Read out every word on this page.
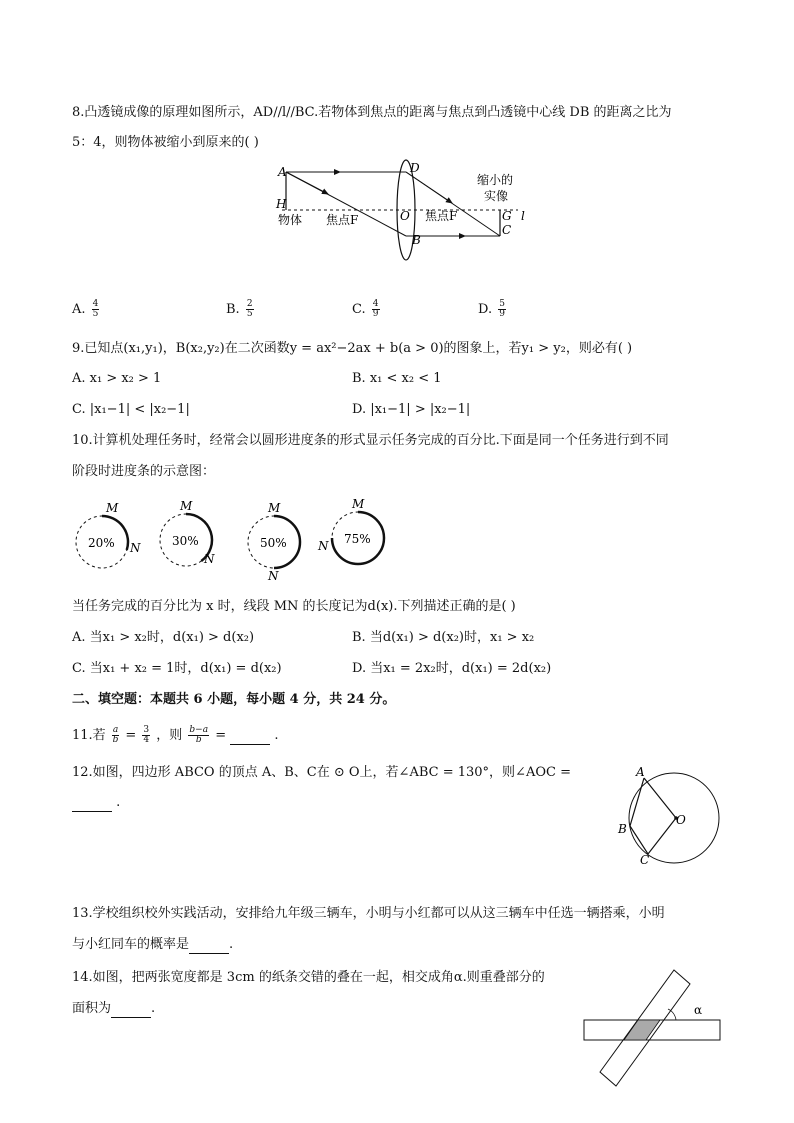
8.凸透镜成像的原理如图所示，AD//l//BC.若物体到焦点的距离与焦点到凸透镜中心线 DB 的距离之比为
5：4，则物体被缩小到原来的( )
A
H
物体 焦点F
D
O 焦点F
B
缩小的
实像
G l
C
A. $\frac{4}{5}$	B. $\frac{2}{5}$	C. $\frac{4}{9}$	D. $\frac{5}{9}$
9.已知点(x₁,y₁)，B(x₂,y₂)在二次函数y = ax²−2ax + b(a > 0)的图象上，若y₁ > y₂，则必有( )
A. x₁ > x₂ > 1	B. x₁ < x₂ < 1
C. |x₁−1| < |x₂−1|	D. |x₁−1| > |x₂−1|
10.计算机处理任务时，经常会以圆形进度条的形式显示任务完成的百分比.下面是同一个任务进行到不同
阶段时进度条的示意图：
20%
M
N	30%
M
N
50%
M
N
75%
M
N
当任务完成的百分比为 x 时，线段 MN 的长度记为d(x).下列描述正确的是( )
A. 当x₁ > x₂时，d(x₁) > d(x₂)	B. 当d(x₁) > d(x₂)时，x₁ > x₂
C. 当x₁ + x₂ = 1时，d(x₁) = d(x₂)	D. 当x₁ = 2x₂时，d(x₁) = 2d(x₂)
二、填空题：本题共 6 小题，每小题 4 分，共 24 分。
11.若 $\frac{a}{b} = \frac{3}{4}$ ，则 $\frac{b-a}{b}$ =	.
12.如图，四边形 ABCO 的顶点 A、B、C在 ⊙ O上，若∠ABC = 130°，则∠AOC =
.
A
B
C
O
13.学校组织校外实践活动，安排给九年级三辆车，小明与小红都可以从这三辆车中任选一辆搭乘，小明
与小红同车的概率是	.
14.如图，把两张宽度都是 3cm 的纸条交错的叠在一起，相交成角α.则重叠部分的
面积为	.	α
